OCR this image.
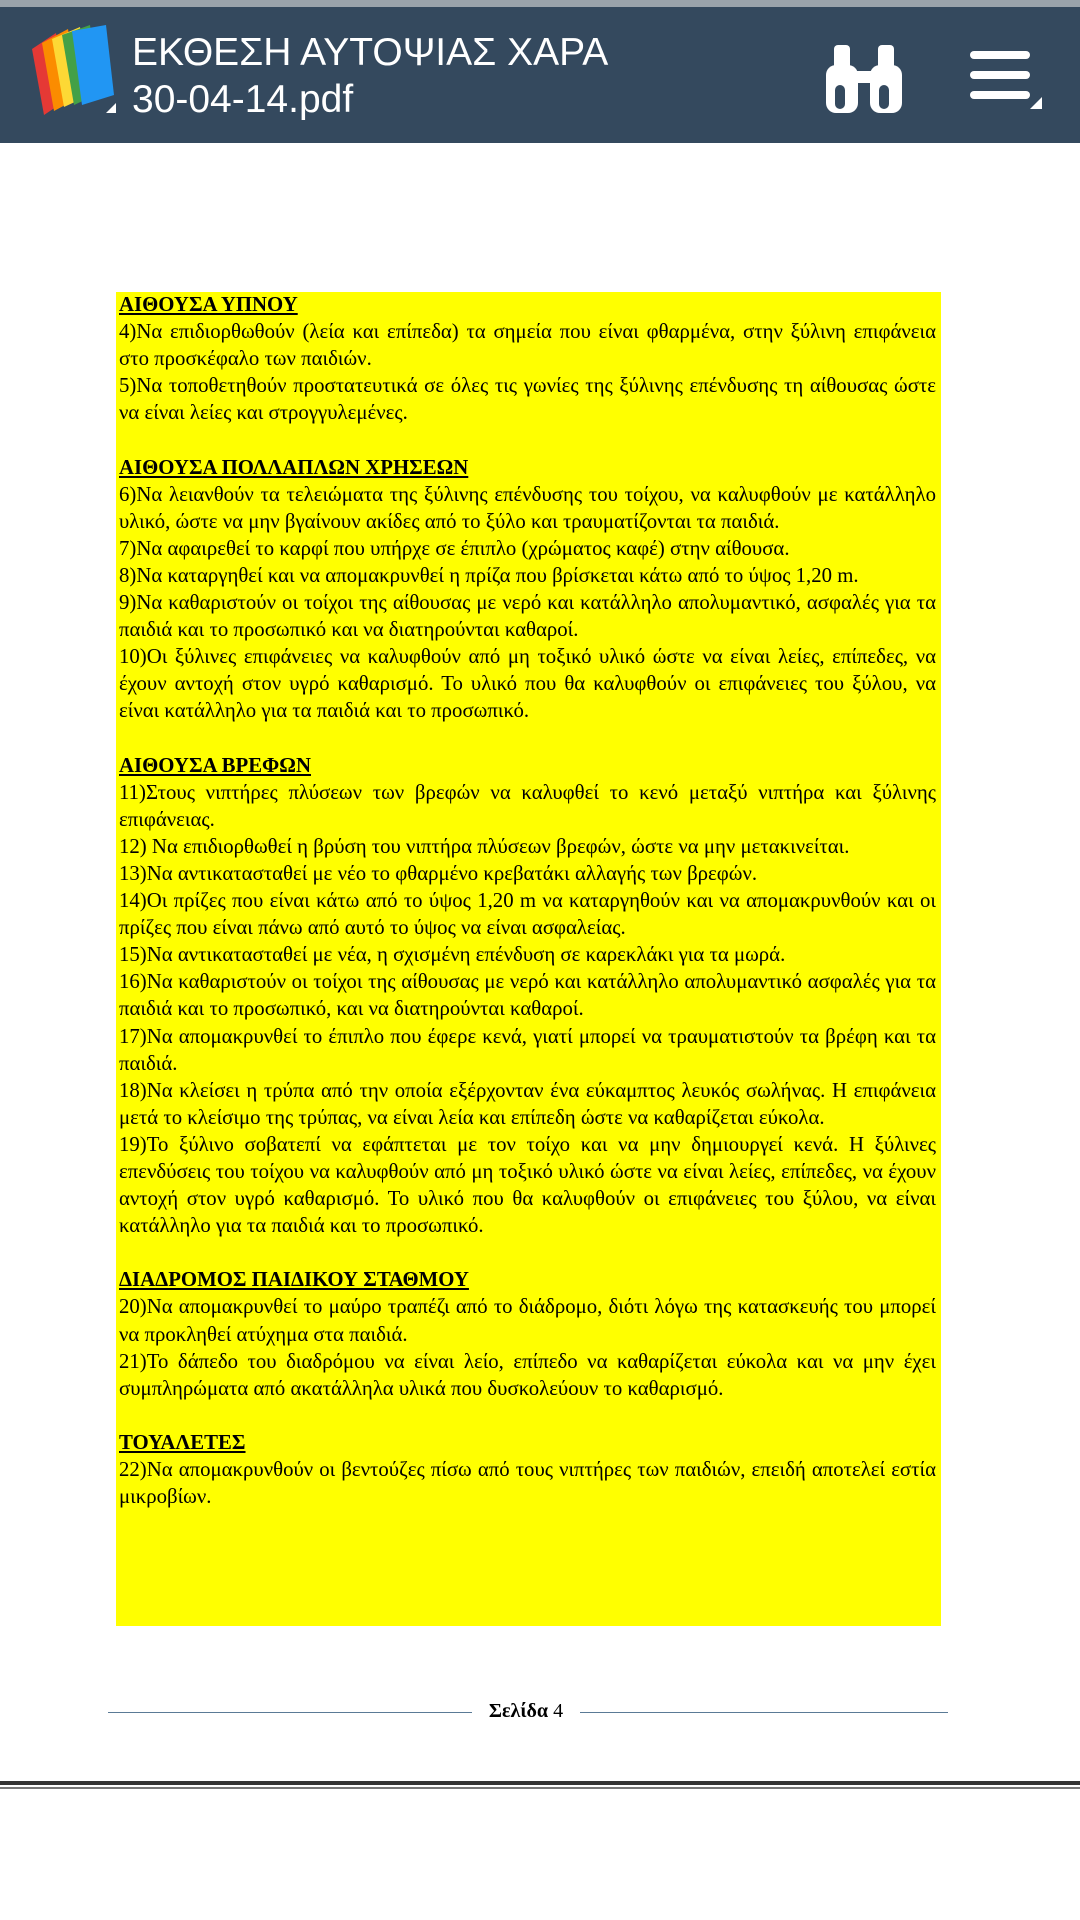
ΕΚΘΕΣΗ ΑΥΤΟΨΙΑΣ ΧΑΡΑ
30-04-14.pdf

ΑΙΘΟΥΣΑ ΥΠΝΟΥ

4)Να επιδιορθωθούν (λεία και επίπεδα) τα σημεία που είναι φθαρμένα, στην ξύλινη επιφάνεια στο προσκέφαλο των παιδιών.

5)Να τοποθετηθούν προστατευτικά σε όλες τις γωνίες της ξύλινης επένδυσης τη αίθουσας ώστε να είναι λείες και στρογγυλεμένες.

ΑΙΘΟΥΣΑ ΠΟΛΛΑΠΛΩΝ ΧΡΗΣΕΩΝ

6)Να λειανθούν τα τελειώματα της ξύλινης επένδυσης του τοίχου, να καλυφθούν με κατάλληλο υλικό, ώστε να μην βγαίνουν ακίδες από το ξύλο και τραυματίζονται τα παιδιά.

7)Να αφαιρεθεί το καρφί που υπήρχε σε έπιπλο (χρώματος καφέ) στην αίθουσα.

8)Να καταργηθεί και να απομακρυνθεί η πρίζα που βρίσκεται κάτω από το ύψος 1,20 m.

9)Να καθαριστούν οι τοίχοι της αίθουσας με νερό και κατάλληλο απολυμαντικό, ασφαλές για τα παιδιά και το προσωπικό και να διατηρούνται καθαροί.

10)Οι ξύλινες επιφάνειες να καλυφθούν από μη τοξικό υλικό ώστε να είναι λείες, επίπεδες, να έχουν αντοχή στον υγρό καθαρισμό. Το υλικό που θα καλυφθούν οι επιφάνειες του ξύλου, να είναι κατάλληλο για τα παιδιά και το προσωπικό.

ΑΙΘΟΥΣΑ ΒΡΕΦΩΝ

11)Στους νιπτήρες πλύσεων των βρεφών να καλυφθεί το κενό μεταξύ νιπτήρα και ξύλινης επιφάνειας.

12) Να επιδιορθωθεί η βρύση του νιπτήρα πλύσεων βρεφών, ώστε να μην μετακινείται.

13)Να αντικατασταθεί με νέο το φθαρμένο κρεβατάκι αλλαγής των βρεφών.

14)Οι πρίζες που είναι κάτω από το ύψος 1,20 m να καταργηθούν και να απομακρυνθούν και οι πρίζες που είναι πάνω από αυτό το ύψος να είναι ασφαλείας.

15)Να αντικατασταθεί με νέα, η σχισμένη επένδυση σε καρεκλάκι για τα μωρά.

16)Να καθαριστούν οι τοίχοι της αίθουσας με νερό και κατάλληλο απολυμαντικό ασφαλές για τα παιδιά και το προσωπικό, και να διατηρούνται καθαροί.

17)Να απομακρυνθεί το έπιπλο που έφερε κενά, γιατί μπορεί να τραυματιστούν τα βρέφη και τα παιδιά.

18)Να κλείσει η τρύπα από την οποία εξέρχονταν ένα εύκαμπτος λευκός σωλήνας. Η επιφάνεια μετά το κλείσιμο της τρύπας, να είναι λεία και επίπεδη ώστε να καθαρίζεται εύκολα.

19)Το ξύλινο σοβατεπί να εφάπτεται με τον τοίχο και να μην δημιουργεί κενά. Η ξύλινες επενδύσεις του τοίχου να καλυφθούν από μη τοξικό υλικό ώστε να είναι λείες, επίπεδες, να έχουν αντοχή στον υγρό καθαρισμό. Το υλικό που θα καλυφθούν οι επιφάνειες του ξύλου, να είναι κατάλληλο για τα παιδιά και το προσωπικό.

ΔΙΑΔΡΟΜΟΣ ΠΑΙΔΙΚΟΥ ΣΤΑΘΜΟΥ

20)Να απομακρυνθεί το μαύρο τραπέζι από το διάδρομο, διότι λόγω της κατασκευής του μπορεί να προκληθεί ατύχημα στα παιδιά.

21)Το δάπεδο του διαδρόμου να είναι λείο, επίπεδο να καθαρίζεται εύκολα και να μην έχει συμπληρώματα από ακατάλληλα υλικά που δυσκολεύουν το καθαρισμό.

ΤΟΥΑΛΕΤΕΣ

22)Να απομακρυνθούν οι βεντούζες πίσω από τους νιπτήρες των παιδιών, επειδή αποτελεί εστία μικροβίων.

Σελίδα 4
